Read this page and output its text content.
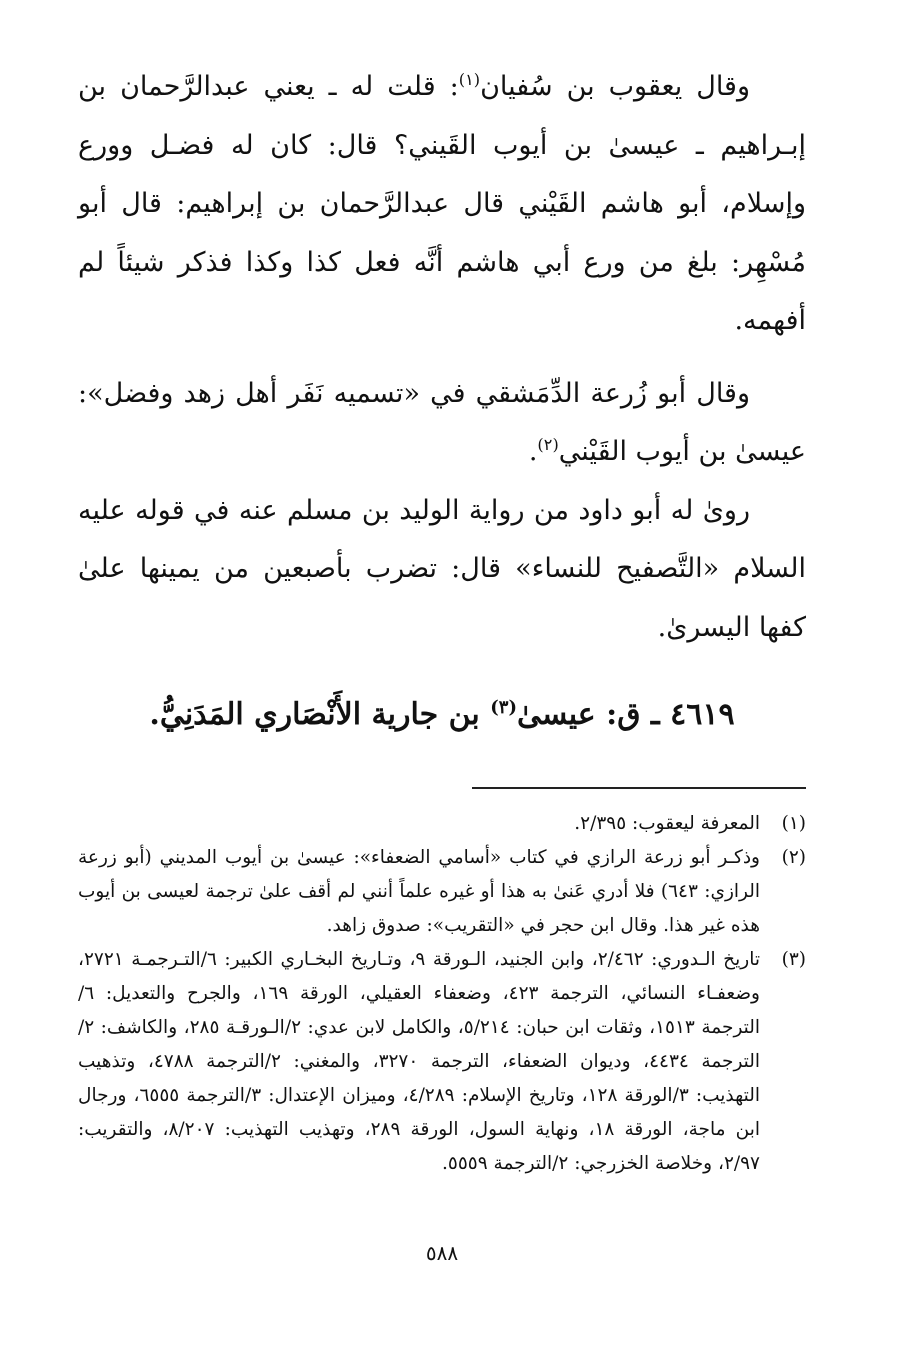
وقال يعقوب بن سُفيان$^{(١)}$: قلت له ـ يعني عبدالرَّحمان بن إبـراهيم ـ عيسىٰ بن أيوب القَيني؟ قال: كان له فضـل وورع وإسلام، أبو هاشم القَيْني قال عبدالرَّحمان بن إبراهيم: قال أبو مُسْهِر: بلغ من ورع أبي هاشم أنَّه فعل كذا وكذا فذكر شيئاً لم أفهمه.

وقال أبو زُرعة الدِّمَشقي في «تسميه نَفَر أهل زهد وفضل»: عيسىٰ بن أيوب القَيْني$^{(٢)}$.

روىٰ له أبو داود من رواية الوليد بن مسلم عنه في قوله عليه السلام «التَّصفيح للنساء» قال: تضرب بأصبعين من يمينها علىٰ كفها اليسرىٰ.

٤٦١٩ ـ ق: عيسىٰ$^{(٣)}$ بن جارية الأَنْصَاري المَدَنِيُّ.
(١)
المعرفة ليعقوب: ٢/٣٩٥.
(٢)
وذكـر أبو زرعة الرازي في كتاب «أسامي الضعفاء»: عيسىٰ بن أيوب المديني (أبو زرعة الرازي: ٦٤٣) فلا أدري عَنىٰ به هذا أو غيره علماً أنني لم أقف علىٰ ترجمة لعيسى بن أيوب هذه غير هذا. وقال ابن حجر في «التقريب»: صدوق زاهد.
(٣)
تاريخ الـدوري: ٢/٤٦٢، وابن الجنيد، الـورقة ٩، وتـاريخ البخـاري الكبير: ٦/التـرجمـة ٢٧٢١، وضعفـاء النسائي، الترجمة ٤٢٣، وضعفاء العقيلي، الورقة ١٦٩، والجرح والتعديل: ٦/الترجمة ١٥١٣، وثقات ابن حبان: ٥/٢١٤، والكامل لابن عدي: ٢/الـورقـة ٢٨٥، والكاشف: ٢/الترجمة ٤٤٣٤، وديوان الضعفاء، الترجمة ٣٢٧٠، والمغني: ٢/الترجمة ٤٧٨٨، وتذهيب التهذيب: ٣/الورقة ١٢٨، وتاريخ الإسلام: ٤/٢٨٩، وميزان الإعتدال: ٣/الترجمة ٦٥٥٥، ورجال ابن ماجة، الورقة ١٨، ونهاية السول، الورقة ٢٨٩، وتهذيب التهذيب: ٨/٢٠٧، والتقريب: ٢/٩٧، وخلاصة الخزرجي: ٢/الترجمة ٥٥٥٩.
٥٨٨
